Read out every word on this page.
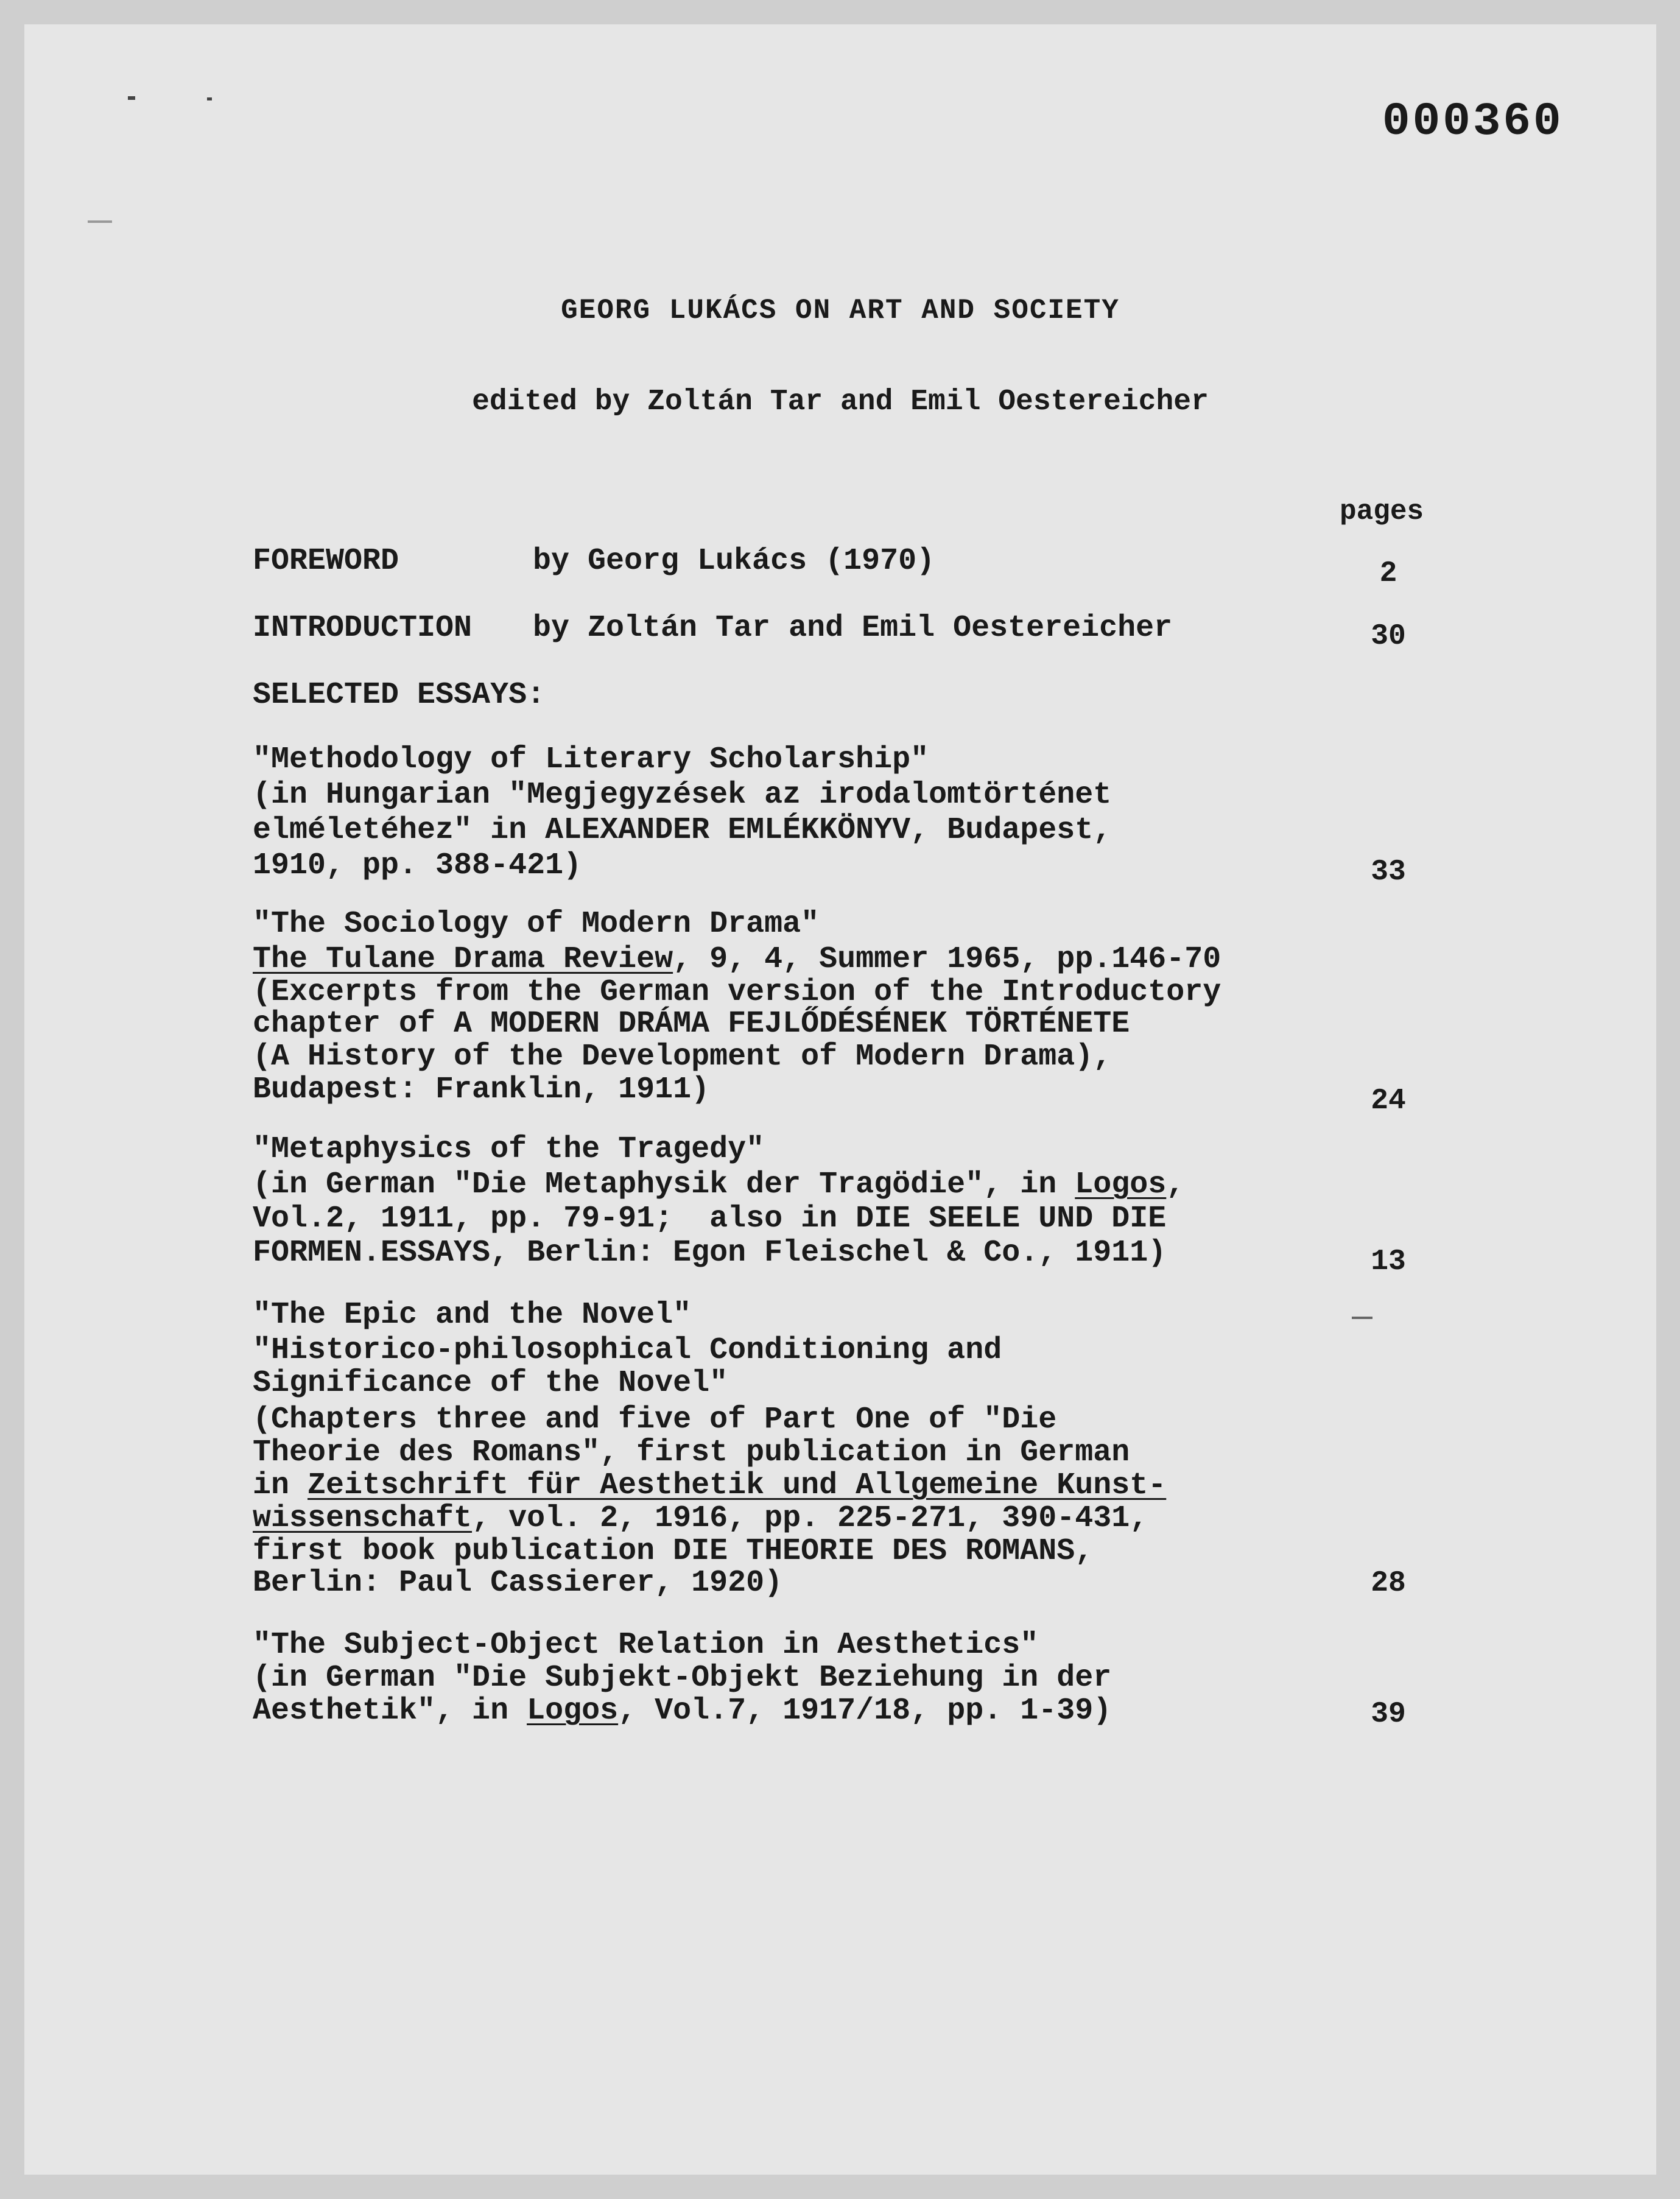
000360
GEORG LUKÁCS ON ART AND SOCIETY
edited by Zoltán Tar and Emil Oestereicher
pages
FOREWORD	by Georg Lukács (1970)	2
INTRODUCTION by Zoltán Tar and Emil Oestereicher	30
SELECTED ESSAYS:
"Methodology of Literary Scholarship"
(in Hungarian "Megjegyzések az irodalomtörténet
elméletéhez" in ALEXANDER EMLÉKKÖNYV, Budapest,
1910, pp. 388-421)	33
"The Sociology of Modern Drama"
The Tulane Drama Review, 9, 4, Summer 1965, pp.146-70
(Excerpts from the German version of the Introductory
chapter of A MODERN DRÁMA FEJLŐDÉSÉNEK TÖRTÉNETE
(A History of the Development of Modern Drama),
Budapest: Franklin, 1911)	24
"Metaphysics of the Tragedy"
(in German "Die Metaphysik der Tragödie", in Logos,
Vol.2, 1911, pp. 79-91;  also in DIE SEELE UND DIE
FORMEN.ESSAYS, Berlin: Egon Fleischel & Co., 1911)	13
"The Epic and the Novel"
"Historico-philosophical Conditioning and
Significance of the Novel"
(Chapters three and five of Part One of "Die
Theorie des Romans", first publication in German
in Zeitschrift für Aesthetik und Allgemeine Kunst-
wissenschaft, vol. 2, 1916, pp. 225-271, 390-431,
first book publication DIE THEORIE DES ROMANS,
Berlin: Paul Cassierer, 1920)	28
"The Subject-Object Relation in Aesthetics"
(in German "Die Subjekt-Objekt Beziehung in der
Aesthetik", in Logos, Vol.7, 1917/18, pp. 1-39)	39
